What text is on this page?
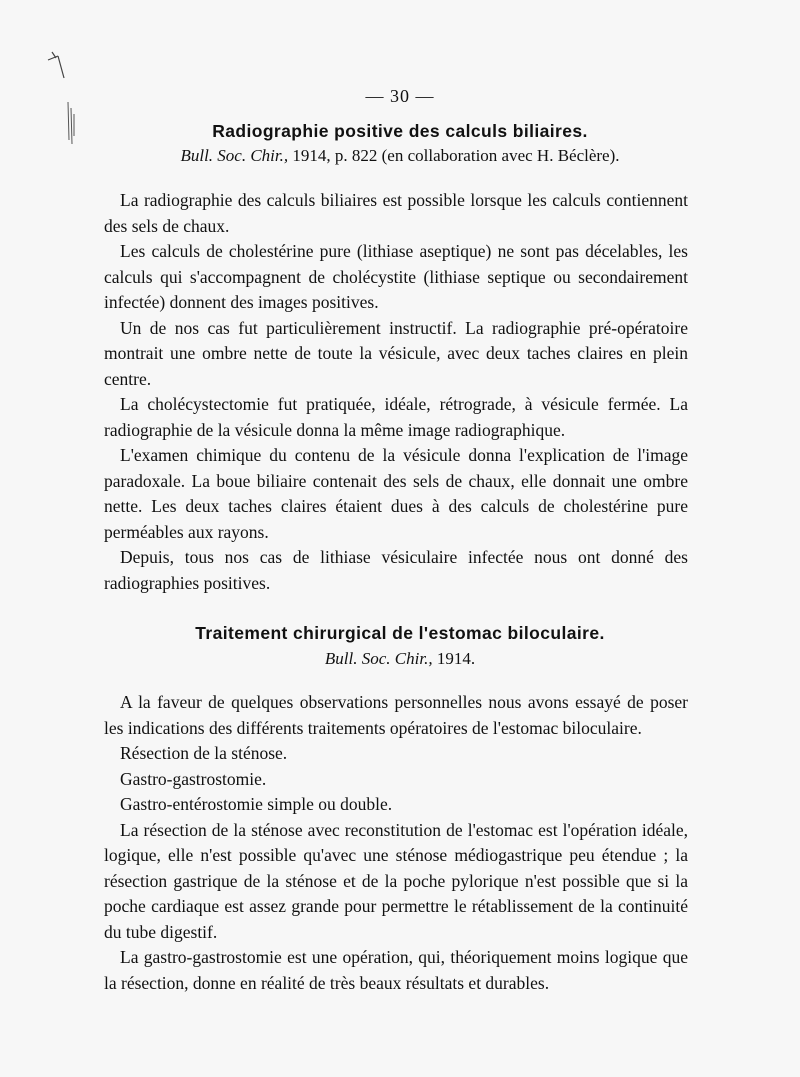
— 30 —
Radiographie positive des calculs biliaires.
Bull. Soc. Chir., 1914, p. 822 (en collaboration avec H. Béclère).

La radiographie des calculs biliaires est possible lorsque les calculs contiennent des sels de chaux.

Les calculs de cholestérine pure (lithiase aseptique) ne sont pas décelables, les calculs qui s'accompagnent de cholécystite (lithiase septique ou secondairement infectée) donnent des images positives.

Un de nos cas fut particulièrement instructif. La radiographie pré-opératoire montrait une ombre nette de toute la vésicule, avec deux taches claires en plein centre.

La cholécystectomie fut pratiquée, idéale, rétrograde, à vésicule fermée. La radiographie de la vésicule donna la même image radiographique.

L'examen chimique du contenu de la vésicule donna l'explication de l'image paradoxale. La boue biliaire contenait des sels de chaux, elle donnait une ombre nette. Les deux taches claires étaient dues à des calculs de cholestérine pure perméables aux rayons.

Depuis, tous nos cas de lithiase vésiculaire infectée nous ont donné des radiographies positives.

Traitement chirurgical de l'estomac biloculaire.
Bull. Soc. Chir., 1914.

A la faveur de quelques observations personnelles nous avons essayé de poser les indications des différents traitements opératoires de l'estomac biloculaire.

Résection de la sténose.

Gastro-gastrostomie.

Gastro-entérostomie simple ou double.

La résection de la sténose avec reconstitution de l'estomac est l'opération idéale, logique, elle n'est possible qu'avec une sténose médiogastrique peu étendue ; la résection gastrique de la sténose et de la poche pylorique n'est possible que si la poche cardiaque est assez grande pour permettre le rétablissement de la continuité du tube digestif.

La gastro-gastrostomie est une opération, qui, théoriquement moins logique que la résection, donne en réalité de très beaux résultats et durables.
